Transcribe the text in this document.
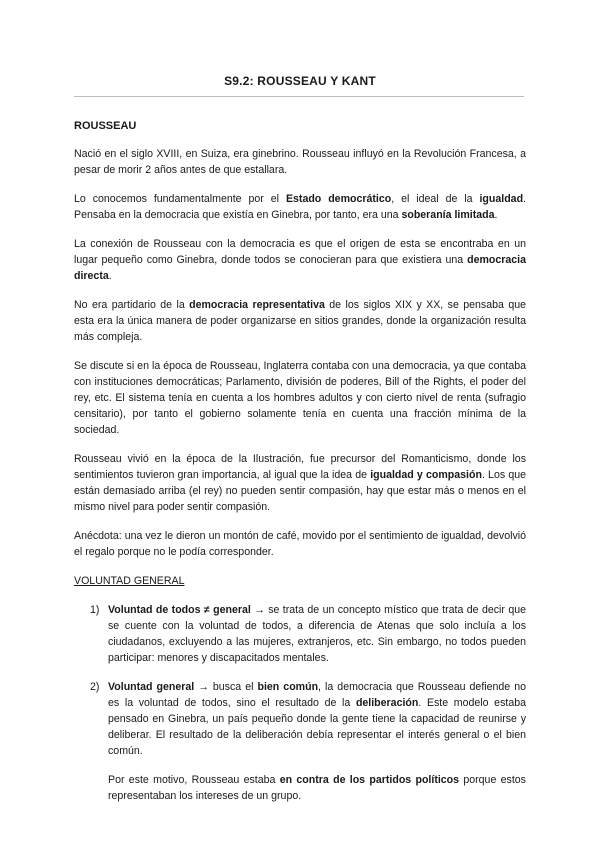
S9.2: ROUSSEAU Y KANT
ROUSSEAU

Nació en el siglo XVIII, en Suiza, era ginebrino. Rousseau influyó en la Revolución Francesa, a pesar de morir 2 años antes de que estallara.

Lo conocemos fundamentalmente por el Estado democrático, el ideal de la igualdad. Pensaba en la democracia que existía en Ginebra, por tanto, era una soberanía limitada.

La conexión de Rousseau con la democracia es que el origen de esta se encontraba en un lugar pequeño como Ginebra, donde todos se conocieran para que existiera una democracia directa.

No era partidario de la democracia representativa de los siglos XIX y XX, se pensaba que esta era la única manera de poder organizarse en sitios grandes, donde la organización resulta más compleja.

Se discute si en la época de Rousseau, Inglaterra contaba con una democracia, ya que contaba con instituciones democráticas; Parlamento, división de poderes, Bill of the Rights, el poder del rey, etc. El sistema tenía en cuenta a los hombres adultos y con cierto nivel de renta (sufragio censitario), por tanto el gobierno solamente tenía en cuenta una fracción mínima de la sociedad.

Rousseau vivió en la época de la Ilustración, fue precursor del Romanticismo, donde los sentimientos tuvieron gran importancia, al igual que la idea de igualdad y compasión. Los que están demasiado arriba (el rey) no pueden sentir compasión, hay que estar más o menos en el mismo nivel para poder sentir compasión.

Anécdota: una vez le dieron un montón de café, movido por el sentimiento de igualdad, devolvió el regalo porque no le podía corresponder.

VOLUNTAD GENERAL
1) Voluntad de todos ≠ general → se trata de un concepto místico que trata de decir que se cuente con la voluntad de todos, a diferencia de Atenas que solo incluía a los ciudadanos, excluyendo a las mujeres, extranjeros, etc. Sin embargo, no todos pueden participar: menores y discapacitados mentales.

2) Voluntad general → busca el bien común, la democracia que Rousseau defiende no es la voluntad de todos, sino el resultado de la deliberación. Este modelo estaba pensado en Ginebra, un país pequeño donde la gente tiene la capacidad de reunirse y deliberar. El resultado de la deliberación debía representar el interés general o el bien común.

Por este motivo, Rousseau estaba en contra de los partidos políticos porque estos representaban los intereses de un grupo.
